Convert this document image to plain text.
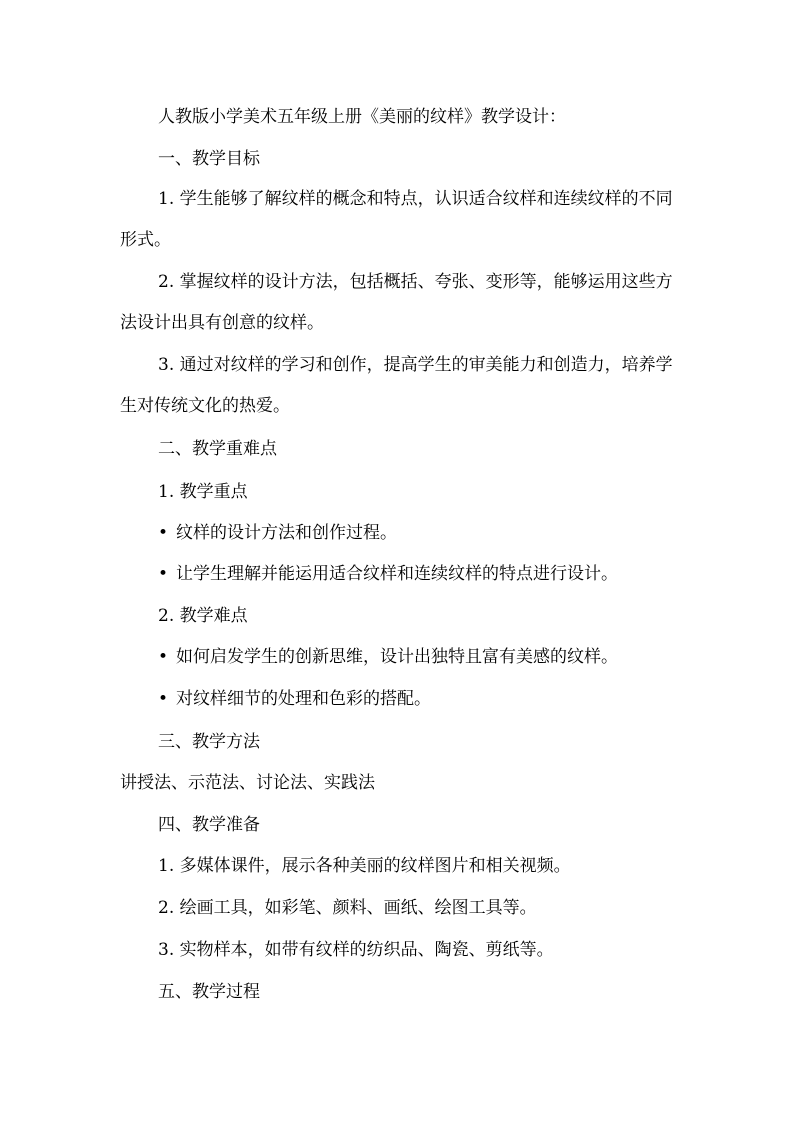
人教版小学美术五年级上册《美丽的纹样》教学设计：
一、教学目标
1. 学生能够了解纹样的概念和特点，认识适合纹样和连续纹样的不同形式。
2. 掌握纹样的设计方法，包括概括、夸张、变形等，能够运用这些方法设计出具有创意的纹样。
3. 通过对纹样的学习和创作，提高学生的审美能力和创造力，培养学生对传统文化的热爱。
二、教学重难点
1. 教学重点
• 纹样的设计方法和创作过程。
• 让学生理解并能运用适合纹样和连续纹样的特点进行设计。
2. 教学难点
• 如何启发学生的创新思维，设计出独特且富有美感的纹样。
• 对纹样细节的处理和色彩的搭配。
三、教学方法
讲授法、示范法、讨论法、实践法
四、教学准备
1. 多媒体课件，展示各种美丽的纹样图片和相关视频。
2. 绘画工具，如彩笔、颜料、画纸、绘图工具等。
3. 实物样本，如带有纹样的纺织品、陶瓷、剪纸等。
五、教学过程
